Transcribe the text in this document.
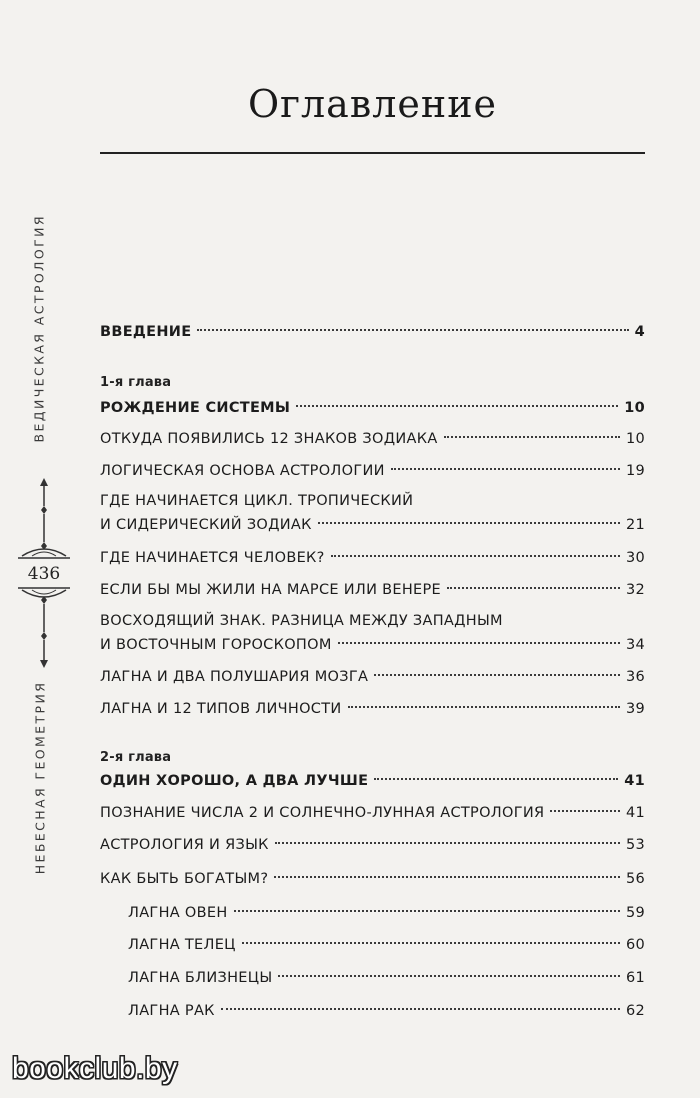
Оглавление
ВЕДИЧЕСКАЯ АСТРОЛОГИЯ
НЕБЕСНАЯ ГЕОМЕТРИЯ
436
ВВЕДЕНИЕ	4
1-я глава
РОЖДЕНИЕ СИСТЕМЫ	10
ОТКУДА ПОЯВИЛИСЬ 12 ЗНАКОВ ЗОДИАКА	10
ЛОГИЧЕСКАЯ ОСНОВА АСТРОЛОГИИ	19
ГДЕ НАЧИНАЕТСЯ ЦИКЛ. ТРОПИЧЕСКИЙ
И СИДЕРИЧЕСКИЙ ЗОДИАК	21
ГДЕ НАЧИНАЕТСЯ ЧЕЛОВЕК?	30
ЕСЛИ БЫ МЫ ЖИЛИ НА МАРСЕ ИЛИ ВЕНЕРЕ	32
ВОСХОДЯЩИЙ ЗНАК. РАЗНИЦА МЕЖДУ ЗАПАДНЫМ
И ВОСТОЧНЫМ ГОРОСКОПОМ	34
ЛАГНА И ДВА ПОЛУШАРИЯ МОЗГА	36
ЛАГНА И 12 ТИПОВ ЛИЧНОСТИ	39
2-я глава
ОДИН ХОРОШО, А ДВА ЛУЧШЕ	41
ПОЗНАНИЕ ЧИСЛА 2 И СОЛНЕЧНО-ЛУННАЯ АСТРОЛОГИЯ	41
АСТРОЛОГИЯ И ЯЗЫК	53
КАК БЫТЬ БОГАТЫМ?	56
ЛАГНА ОВЕН	59
ЛАГНА ТЕЛЕЦ	60
ЛАГНА БЛИЗНЕЦЫ	61
ЛАГНА РАК	62
bookclub.by
